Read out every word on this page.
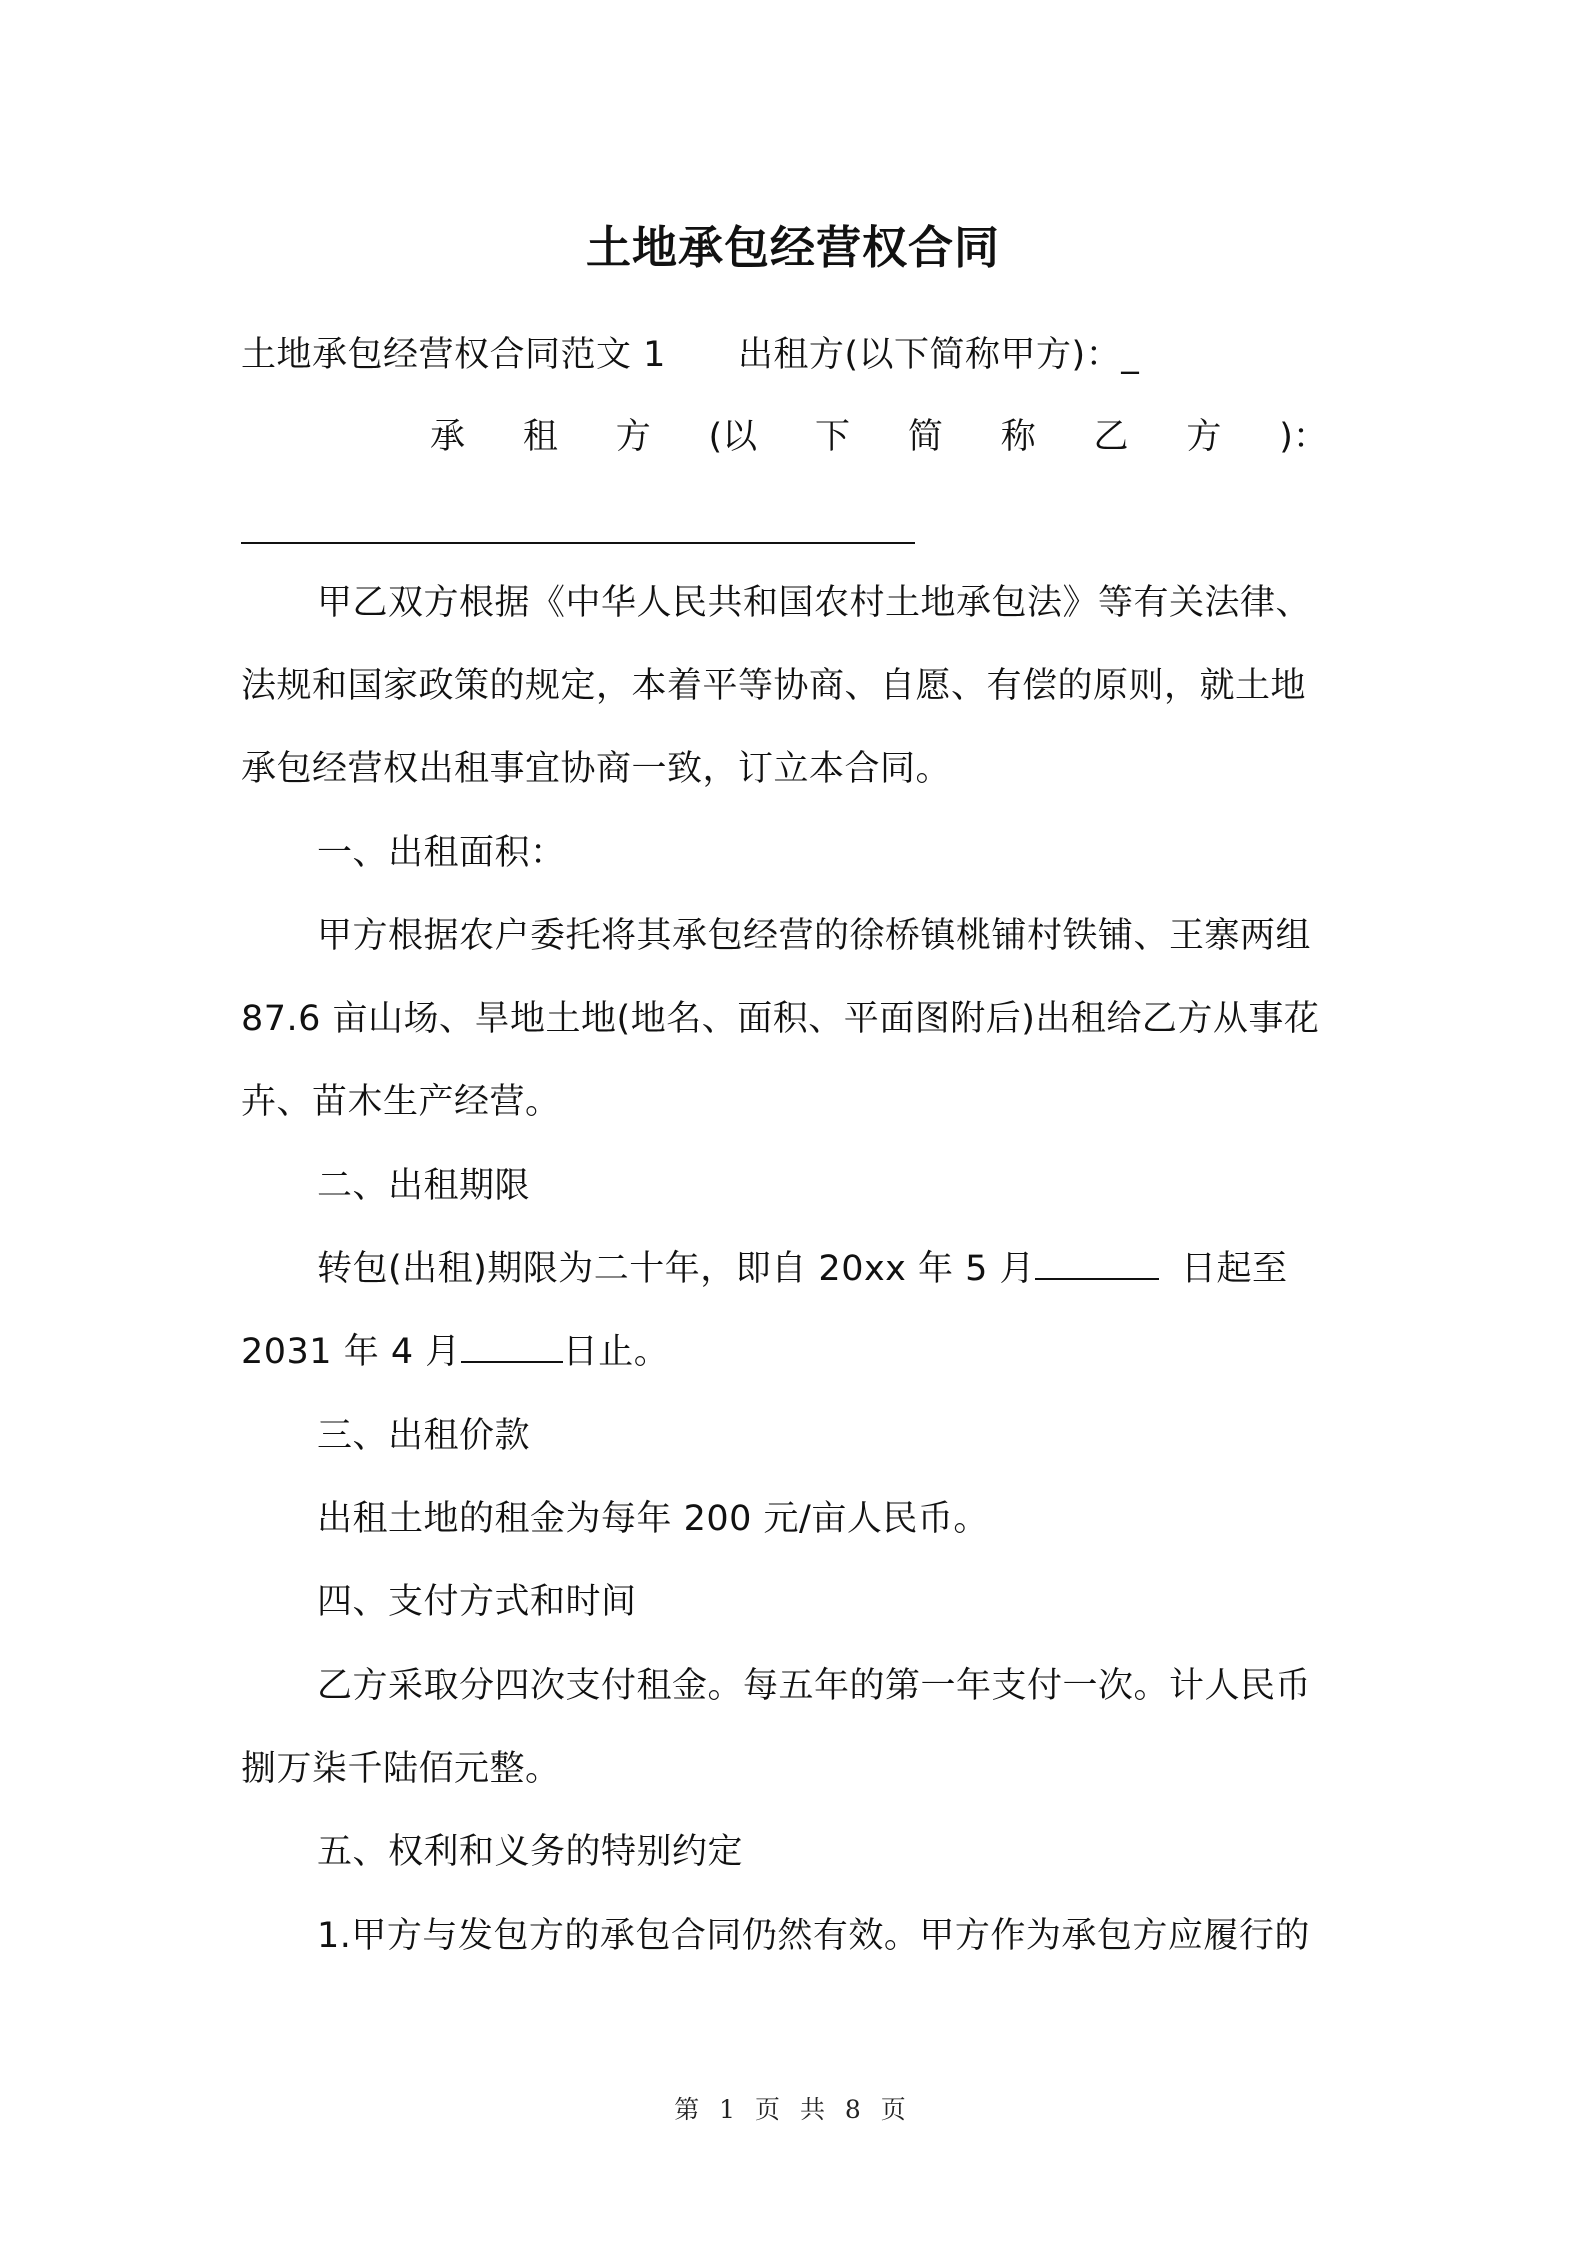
土地承包经营权合同
土地承包经营权合同范文 1 出租方(以下简称甲方)：_
承 租 方 (以 下 简 称 乙 方 )：
甲乙双方根据《中华人民共和国农村土地承包法》等有关法律、
法规和国家政策的规定，本着平等协商、自愿、有偿的原则，就土地
承包经营权出租事宜协商一致，订立本合同。
一、出租面积：
甲方根据农户委托将其承包经营的徐桥镇桃铺村铁铺、王寨两组
87.6 亩山场、旱地土地(地名、面积、平面图附后)出租给乙方从事花
卉、苗木生产经营。
二、出租期限
转包(出租)期限为二十年，即自 20xx 年 5 月	日起至
2031 年 4 月	日止。
三、出租价款
出租土地的租金为每年 200 元/亩人民币。
四、支付方式和时间
乙方采取分四次支付租金。每五年的第一年支付一次。计人民币
捌万柒千陆佰元整。
五、权利和义务的特别约定
1.甲方与发包方的承包合同仍然有效。甲方作为承包方应履行的
第 1 页 共 8 页
